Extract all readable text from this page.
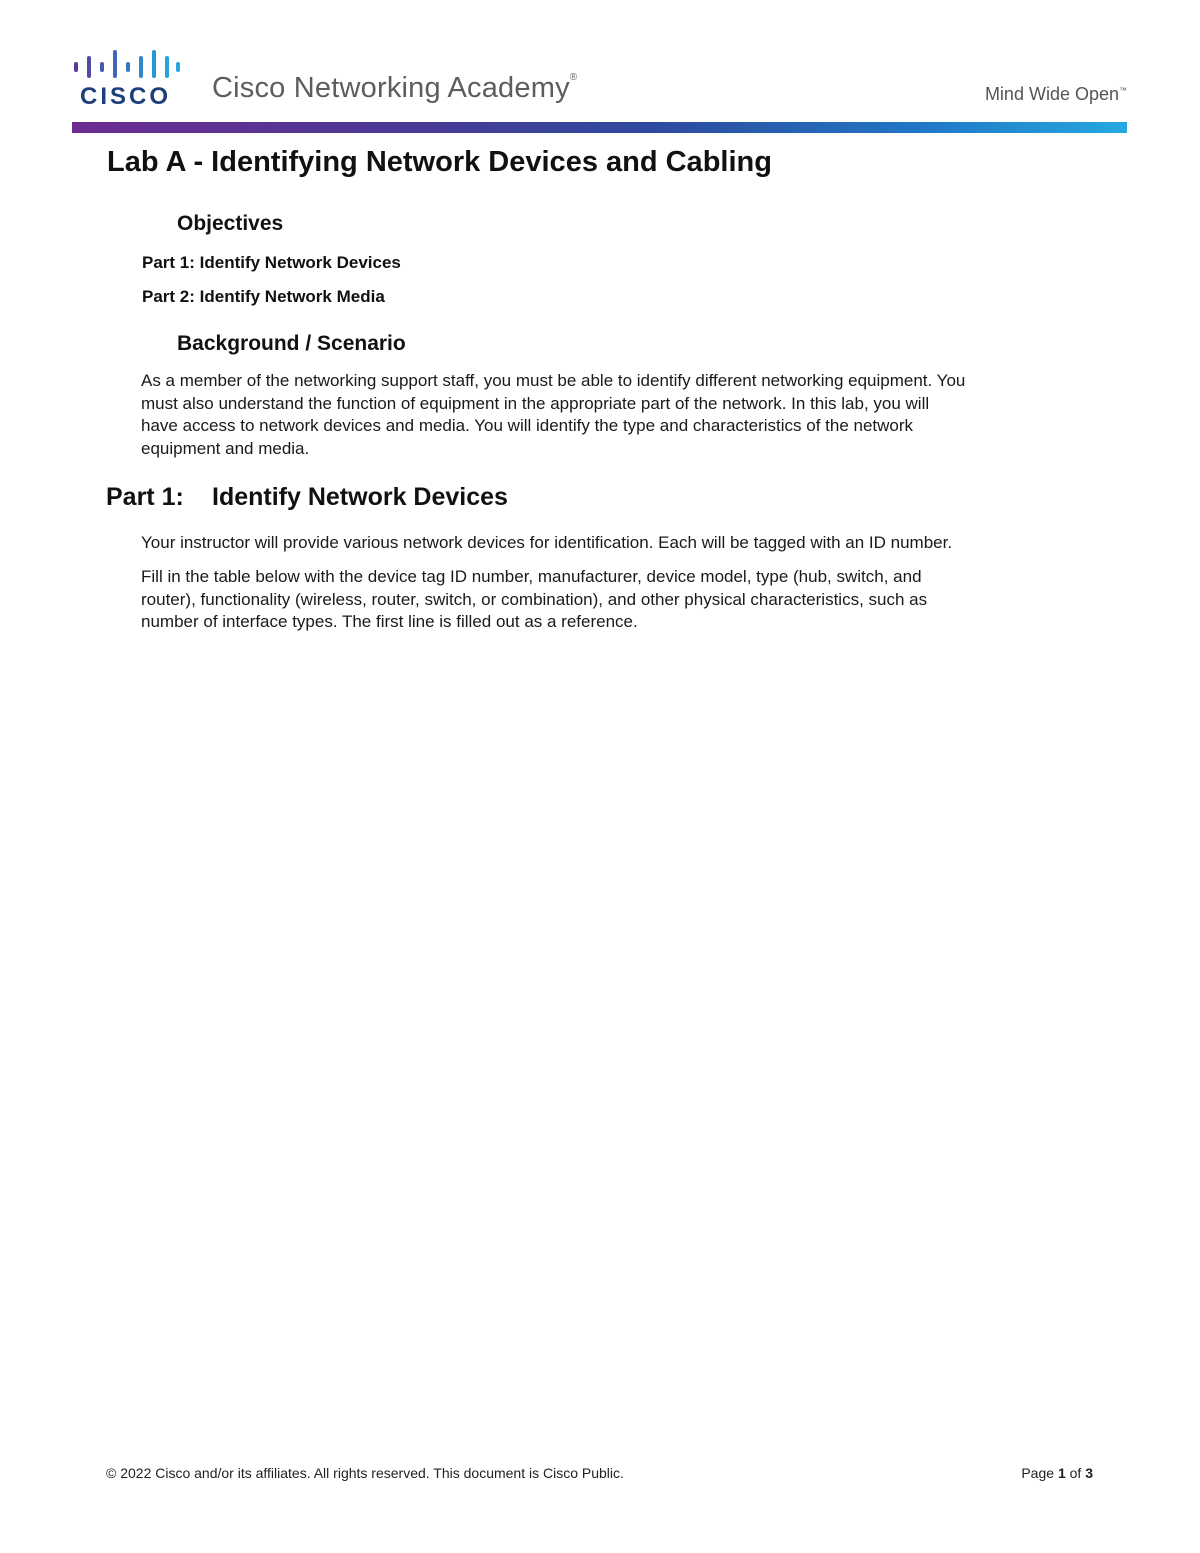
CISCO Cisco Networking Academy®
Mind Wide Open™
Lab A - Identifying Network Devices and Cabling
Objectives
Part 1: Identify Network Devices
Part 2: Identify Network Media
Background / Scenario
As a member of the networking support staff, you must be able to identify different networking equipment. You
must also understand the function of equipment in the appropriate part of the network. In this lab, you will
have access to network devices and media. You will identify the type and characteristics of the network
equipment and media.
Part 1: Identify Network Devices
Your instructor will provide various network devices for identification. Each will be tagged with an ID number.
Fill in the table below with the device tag ID number, manufacturer, device model, type (hub, switch, and
router), functionality (wireless, router, switch, or combination), and other physical characteristics, such as
number of interface types. The first line is filled out as a reference.
© 2022 Cisco and/or its affiliates. All rights reserved. This document is Cisco Public.	Page 1 of 3
